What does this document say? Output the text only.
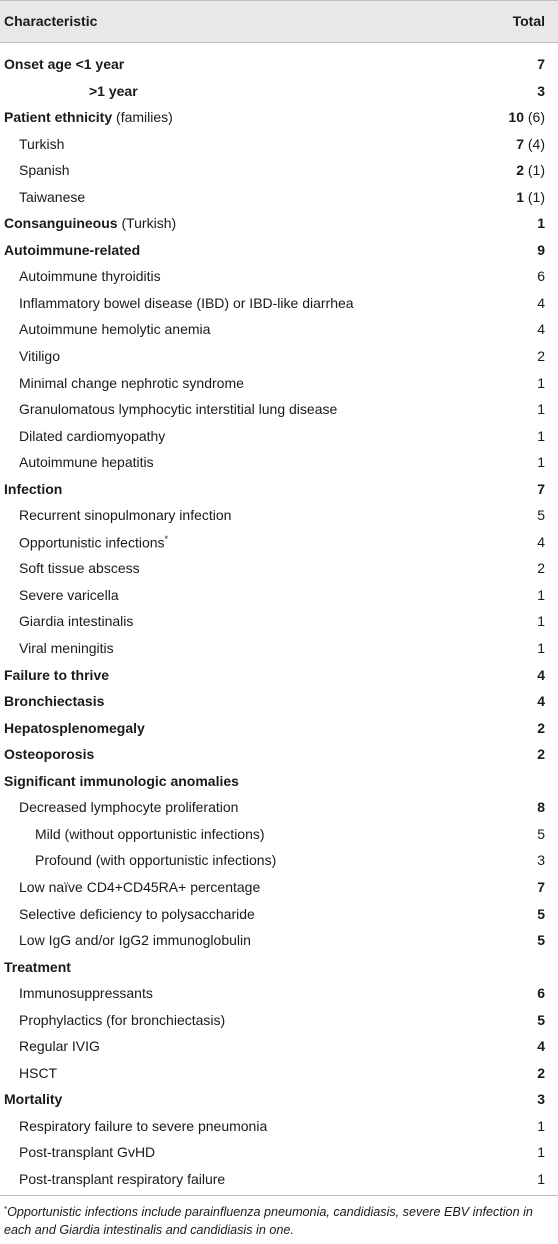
Characteristic	Total
Onset age <1 year	7
>1 year	3
Patient ethnicity (families)	10 (6)
Turkish	7 (4)
Spanish	2 (1)
Taiwanese	1 (1)
Consanguineous (Turkish)	1
Autoimmune-related	9
Autoimmune thyroiditis	6
Inflammatory bowel disease (IBD) or IBD-like diarrhea	4
Autoimmune hemolytic anemia	4
Vitiligo	2
Minimal change nephrotic syndrome	1
Granulomatous lymphocytic interstitial lung disease	1
Dilated cardiomyopathy	1
Autoimmune hepatitis	1
Infection	7
Recurrent sinopulmonary infection	5
Opportunistic infections*	4
Soft tissue abscess	2
Severe varicella	1
Giardia intestinalis	1
Viral meningitis	1
Failure to thrive	4
Bronchiectasis	4
Hepatosplenomegaly	2
Osteoporosis	2
Significant immunologic anomalies
Decreased lymphocyte proliferation	8
Mild (without opportunistic infections)	5
Profound (with opportunistic infections)	3
Low naïve CD4+CD45RA+ percentage	7
Selective deficiency to polysaccharide	5
Low IgG and/or IgG2 immunoglobulin	5
Treatment
Immunosuppressants	6
Prophylactics (for bronchiectasis)	5
Regular IVIG	4
HSCT	2
Mortality	3
Respiratory failure to severe pneumonia	1
Post-transplant GvHD	1
Post-transplant respiratory failure	1
*Opportunistic infections include parainfluenza pneumonia, candidiasis, severe EBV infection in each and Giardia intestinalis and candidiasis in one.
